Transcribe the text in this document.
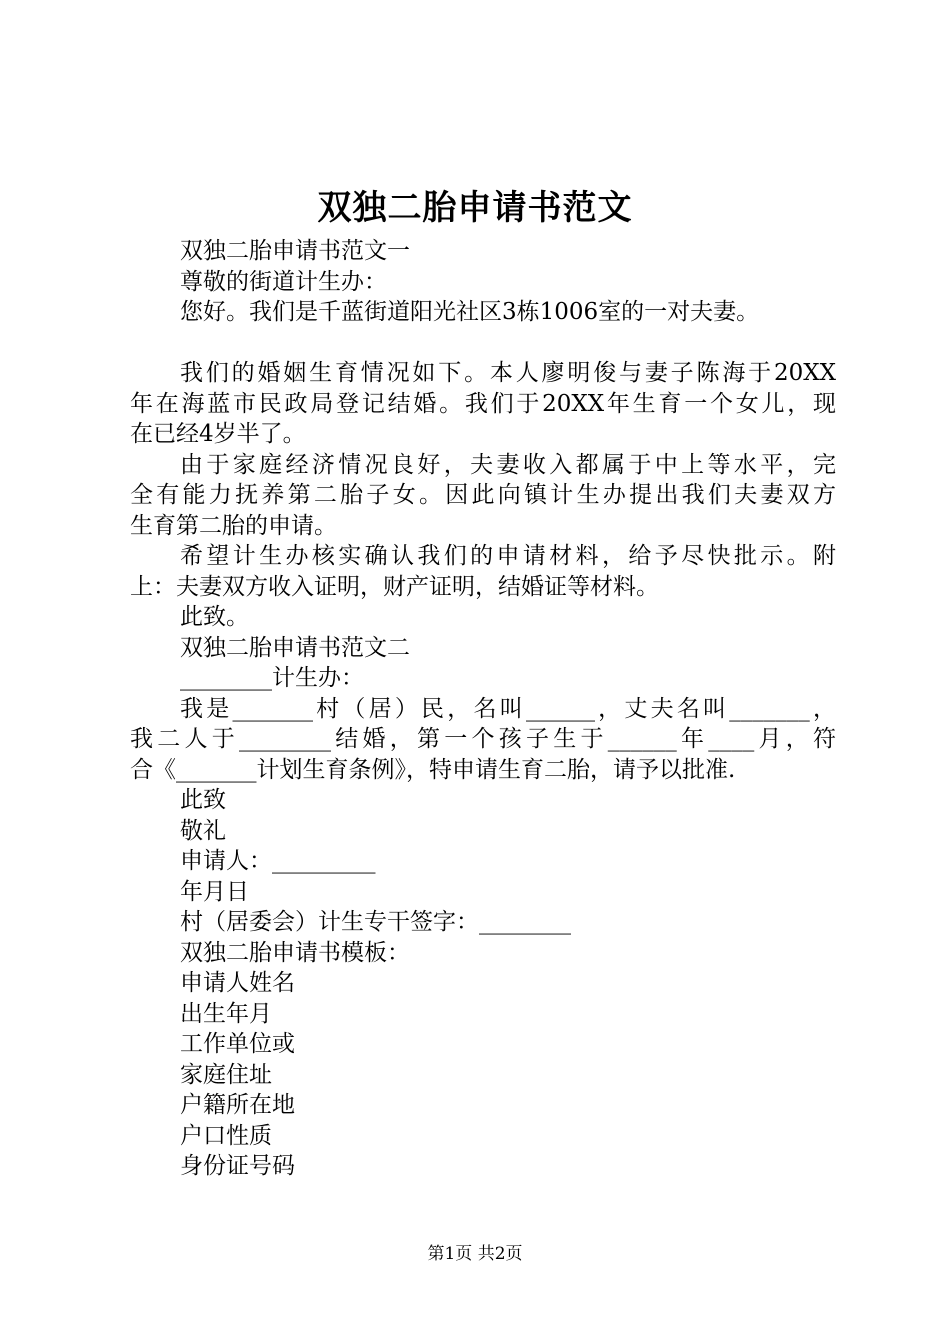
双独二胎申请书范文
双独二胎申请书范文一
尊敬的街道计生办：
您好。我们是千蓝街道阳光社区3栋1006室的一对夫妻。
我们的婚姻生育情况如下。本人廖明俊与妻子陈海于20XX
年在海蓝市民政局登记结婚。我们于20XX年生育一个女儿，现
在已经4岁半了。
由于家庭经济情况良好，夫妻收入都属于中上等水平，完
全有能力抚养第二胎子女。因此向镇计生办提出我们夫妻双方
生育第二胎的申请。
希望计生办核实确认我们的申请材料，给予尽快批示。附
上：夫妻双方收入证明，财产证明，结婚证等材料。
此致。
双独二胎申请书范文二
________计生办：
我是_______村（居）民，名叫______，丈夫名叫_______，
我二人于________结婚，第一个孩子生于______年____月，符
合《_______计划生育条例》，特申请生育二胎，请予以批准.
此致
敬礼
申请人：_________
年月日
村（居委会）计生专干签字：________
双独二胎申请书模板：
申请人姓名
出生年月
工作单位或
家庭住址
户籍所在地
户口性质
身份证号码
第1页 共2页
